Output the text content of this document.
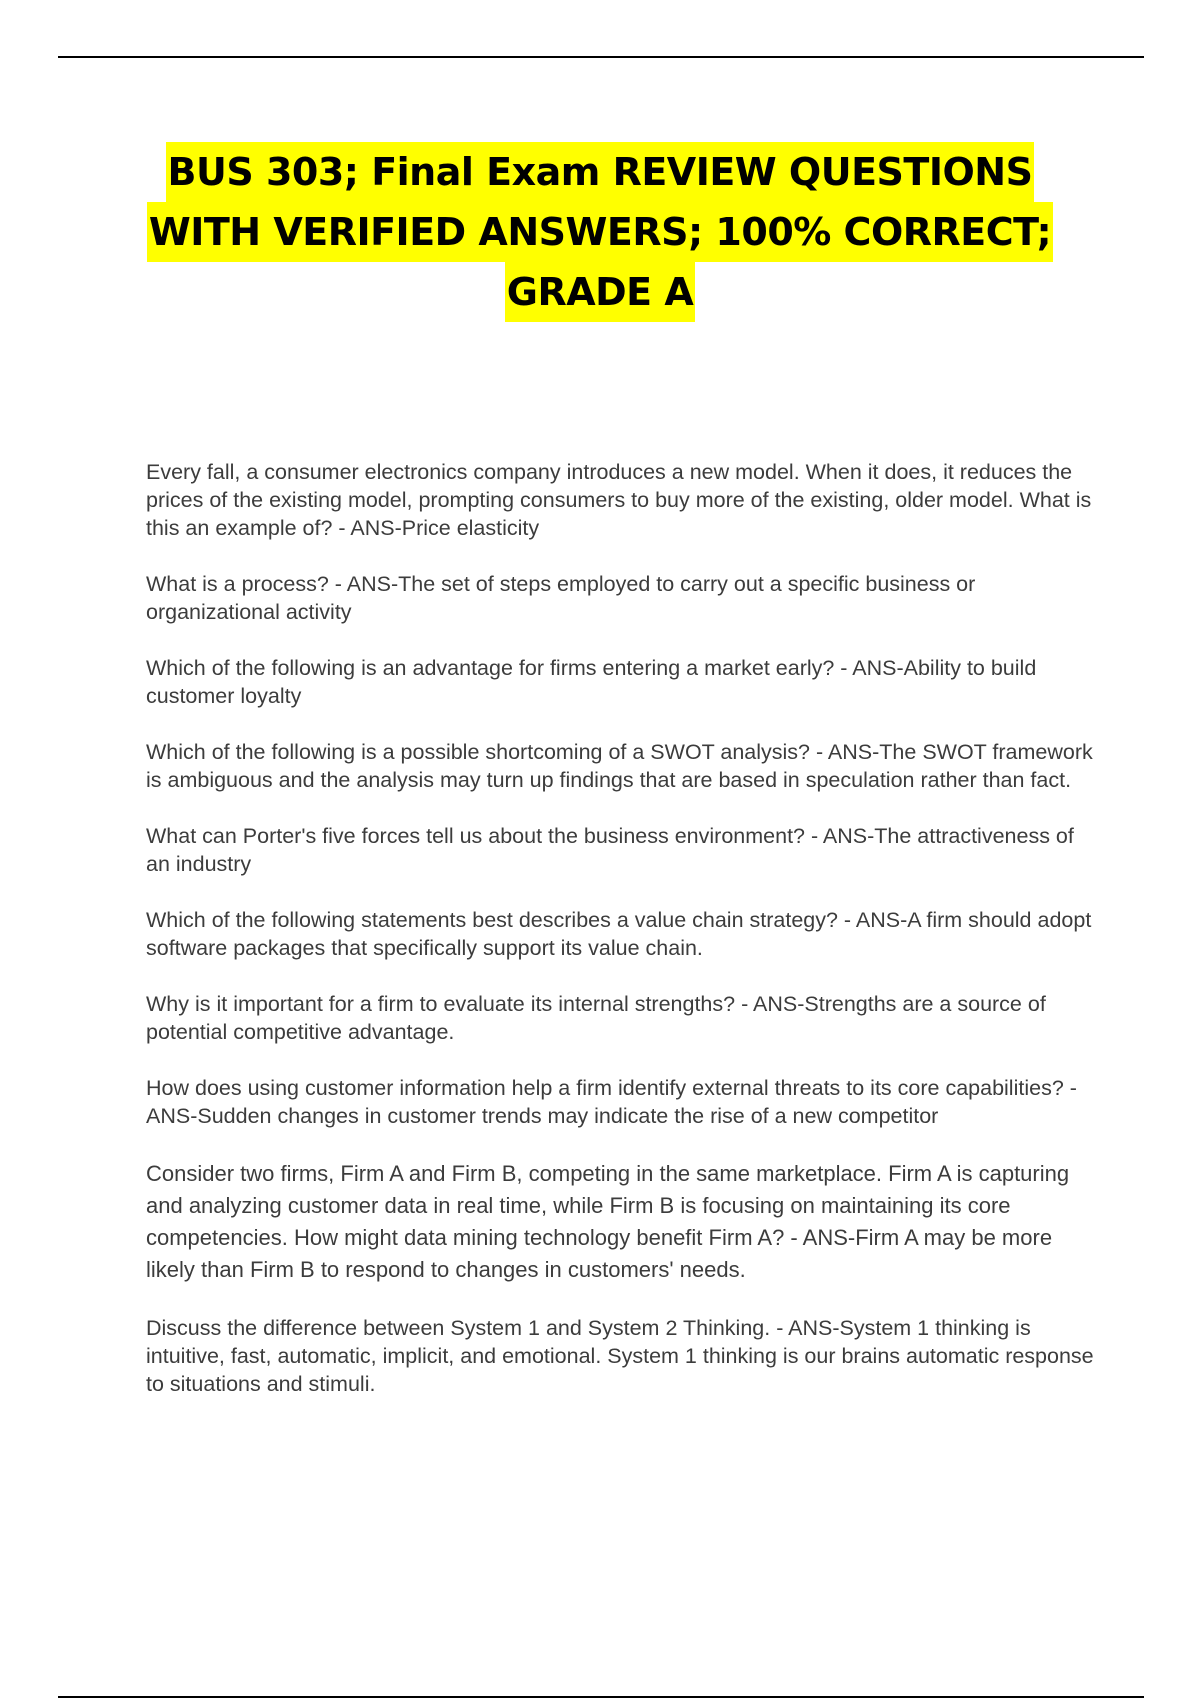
BUS 303; Final Exam REVIEW QUESTIONS
WITH VERIFIED ANSWERS; 100% CORRECT;
GRADE A

Every fall, a consumer electronics company introduces a new model. When it does, it reduces the prices of the existing model, prompting consumers to buy more of the existing, older model. What is this an example of? - ANS-Price elasticity

What is a process? - ANS-The set of steps employed to carry out a specific business or organizational activity

Which of the following is an advantage for firms entering a market early? - ANS-Ability to build customer loyalty

Which of the following is a possible shortcoming of a SWOT analysis? - ANS-The SWOT framework is ambiguous and the analysis may turn up findings that are based in speculation rather than fact.

What can Porter's five forces tell us about the business environment? - ANS-The attractiveness of an industry

Which of the following statements best describes a value chain strategy? - ANS-A firm should adopt software packages that specifically support its value chain.

Why is it important for a firm to evaluate its internal strengths? - ANS-Strengths are a source of potential competitive advantage.

How does using customer information help a firm identify external threats to its core capabilities? - ANS-Sudden changes in customer trends may indicate the rise of a new competitor

Consider two firms, Firm A and Firm B, competing in the same marketplace. Firm A is capturing and analyzing customer data in real time, while Firm B is focusing on maintaining its core competencies. How might data mining technology benefit Firm A? - ANS-Firm A may be more likely than Firm B to respond to changes in customers' needs.

Discuss the difference between System 1 and System 2 Thinking. - ANS-System 1 thinking is intuitive, fast, automatic, implicit, and emotional. System 1 thinking is our brains automatic response to situations and stimuli.
